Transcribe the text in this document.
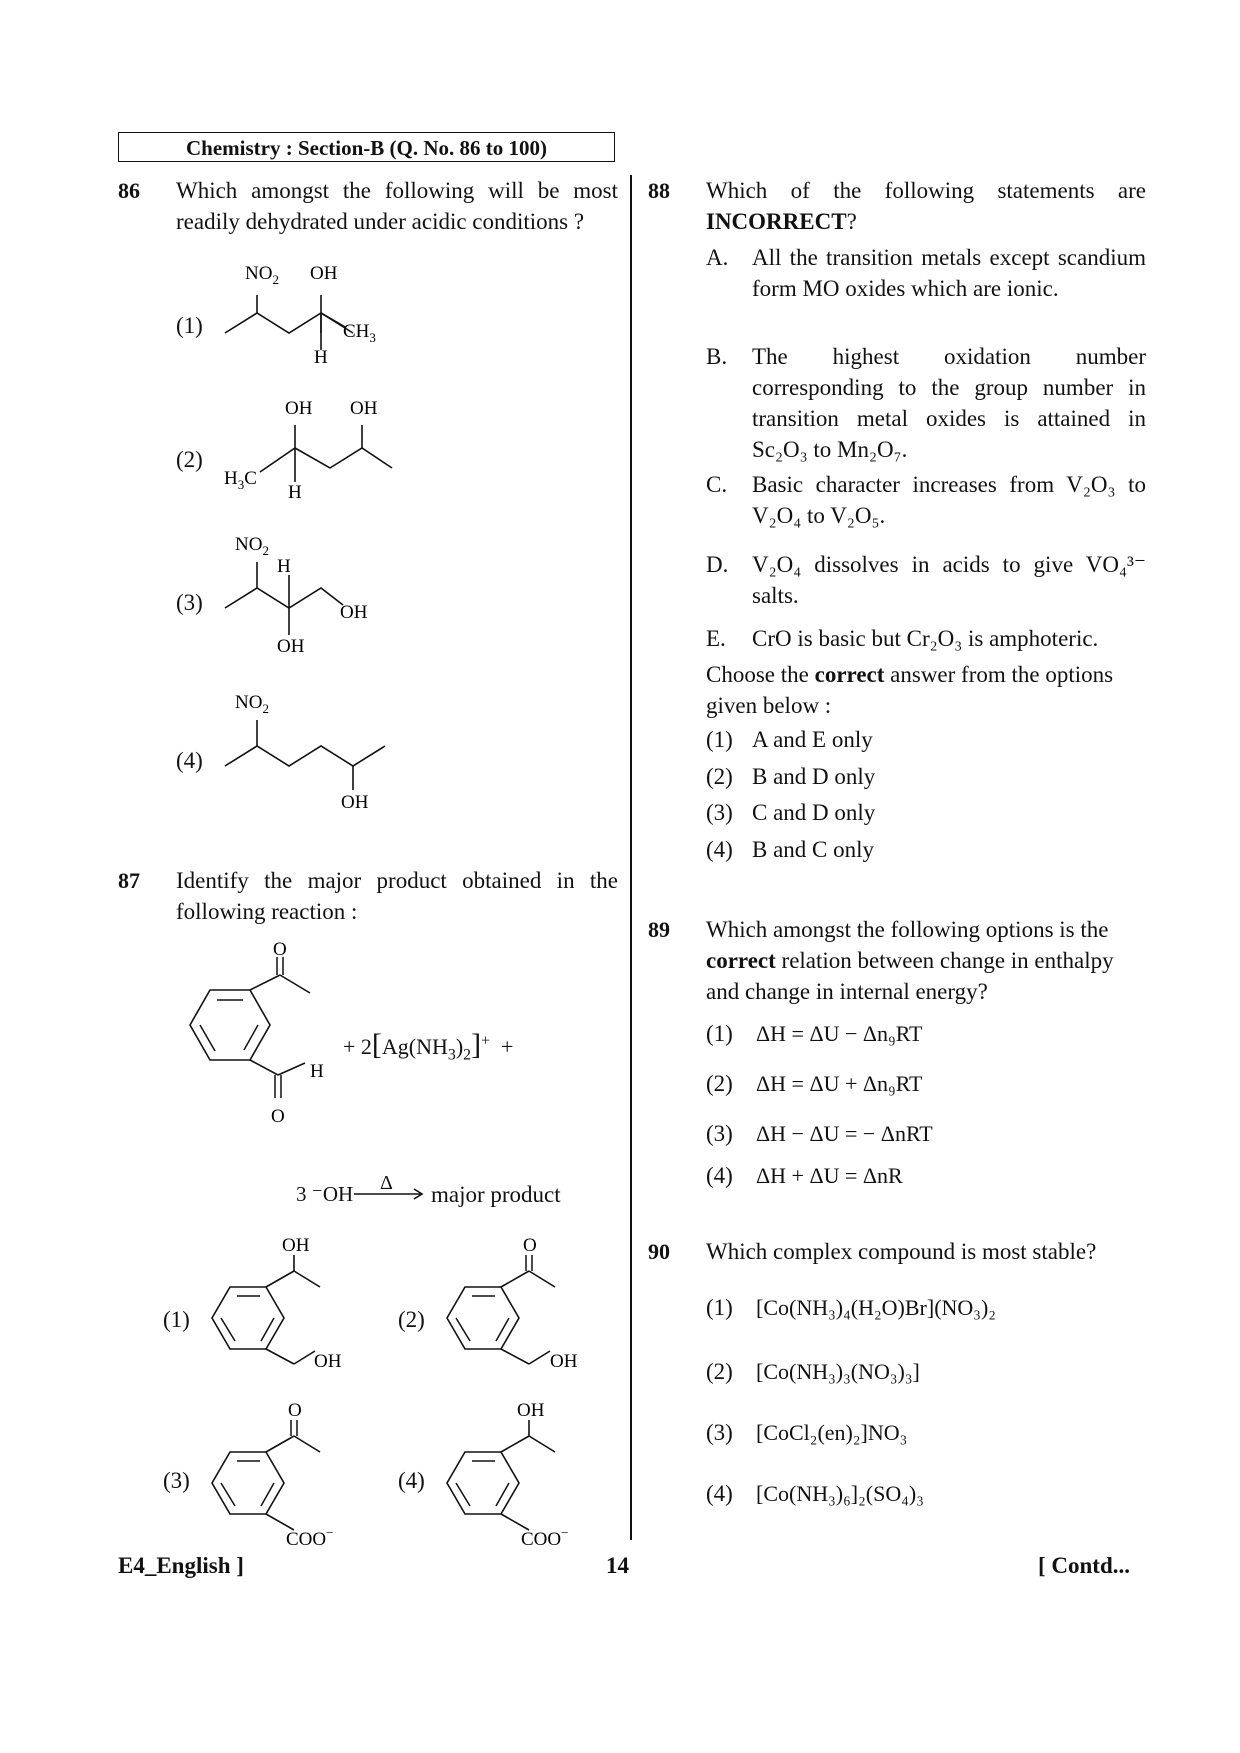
Chemistry : Section-B (Q. No. 86 to 100)
86 Which amongst the following will be most readily dehydrated under acidic conditions ?
(1)
$NO_2$ OH
$CH_3$
H
(2)
OH OH
$H_3C$
H
(3)
$NO_2$
H
OH
OH
(4)
$NO_2$
OH
87 Identify the major product obtained in the following reaction :
O
O
H
+ $2[Ag(NH_3)_2]^+$ +
3 ⁻OH Δ major product
(1)
OH
OH
(2)
O
OH
(3)
O
COO−
(4)
OH
COO−
88 Which of the following statements are
INCORRECT?
A. All the transition metals except scandium form MO oxides which are ionic.
B. The highest oxidation number corresponding to the group number in transition metal oxides is attained in Sc₂O₃ to Mn₂O₇.
C. Basic character increases from V₂O₃ to V₂O₄ to V₂O₅.
D. V₂O₄ dissolves in acids to give VO₄³⁻ salts.
E. CrO is basic but Cr₂O₃ is amphoteric.
Choose the correct answer from the options given below :
(1) A and E only
(2) B and D only
(3) C and D only
(4) B and C only
89 Which amongst the following options is the correct relation between change in enthalpy and change in internal energy?
(1) ΔH = ΔU − Δn₉RT
(2) ΔH = ΔU + Δn₉RT
(3) ΔH − ΔU = − ΔnRT
(4) ΔH + ΔU = ΔnR
90 Which complex compound is most stable?
(1) [Co(NH₃)₄(H₂O)Br](NO₃)₂
(2) [Co(NH₃)₃(NO₃)₃]
(3) [CoCl₂(en)₂]NO₃
(4) [Co(NH₃)₆]₂(SO₄)₃
E4_English ]	14	[ Contd...
